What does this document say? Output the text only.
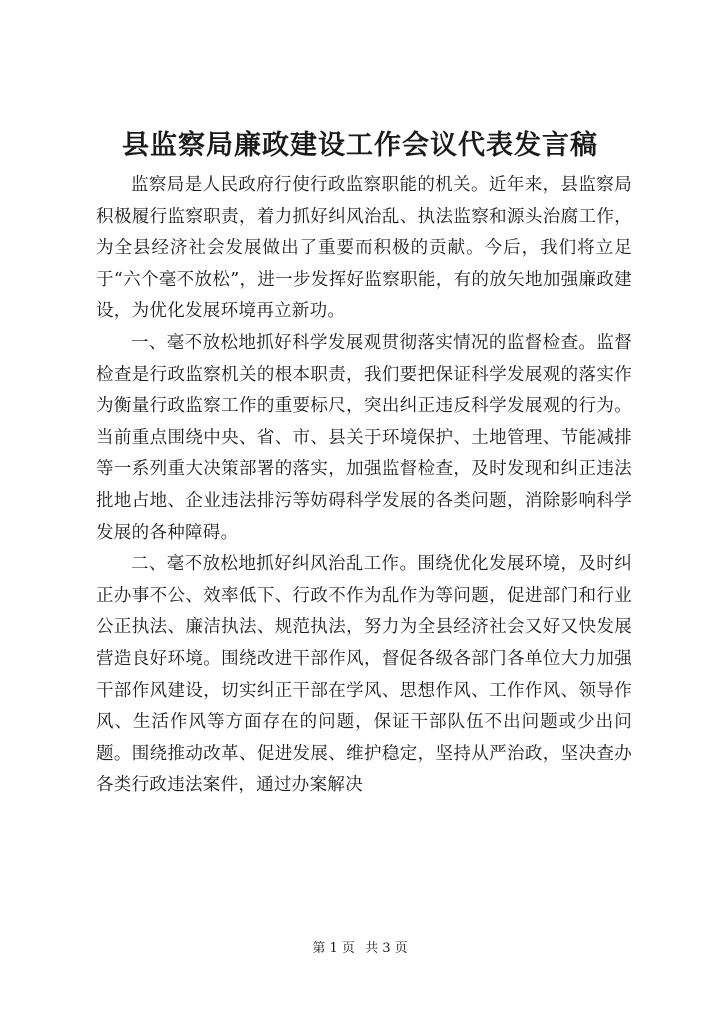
县监察局廉政建设工作会议代表发言稿

监察局是人民政府行使行政监察职能的机关。近年来，县监察局积极履行监察职责，着力抓好纠风治乱、执法监察和源头治腐工作，为全县经济社会发展做出了重要而积极的贡献。今后，我们将立足于“六个毫不放松”，进一步发挥好监察职能，有的放矢地加强廉政建设，为优化发展环境再立新功。

一、毫不放松地抓好科学发展观贯彻落实情况的监督检查。监督检查是行政监察机关的根本职责，我们要把保证科学发展观的落实作为衡量行政监察工作的重要标尺，突出纠正违反科学发展观的行为。当前重点围绕中央、省、市、县关于环境保护、土地管理、节能减排等一系列重大决策部署的落实，加强监督检查，及时发现和纠正违法批地占地、企业违法排污等妨碍科学发展的各类问题，消除影响科学发展的各种障碍。

二、毫不放松地抓好纠风治乱工作。围绕优化发展环境，及时纠正办事不公、效率低下、行政不作为乱作为等问题，促进部门和行业公正执法、廉洁执法、规范执法，努力为全县经济社会又好又快发展营造良好环境。围绕改进干部作风，督促各级各部门各单位大力加强干部作风建设，切实纠正干部在学风、思想作风、工作作风、领导作风、生活作风等方面存在的问题，保证干部队伍不出问题或少出问题。围绕推动改革、促进发展、维护稳定，坚持从严治政，坚决查办各类行政违法案件，通过办案解决

第 1 页 共 3 页
